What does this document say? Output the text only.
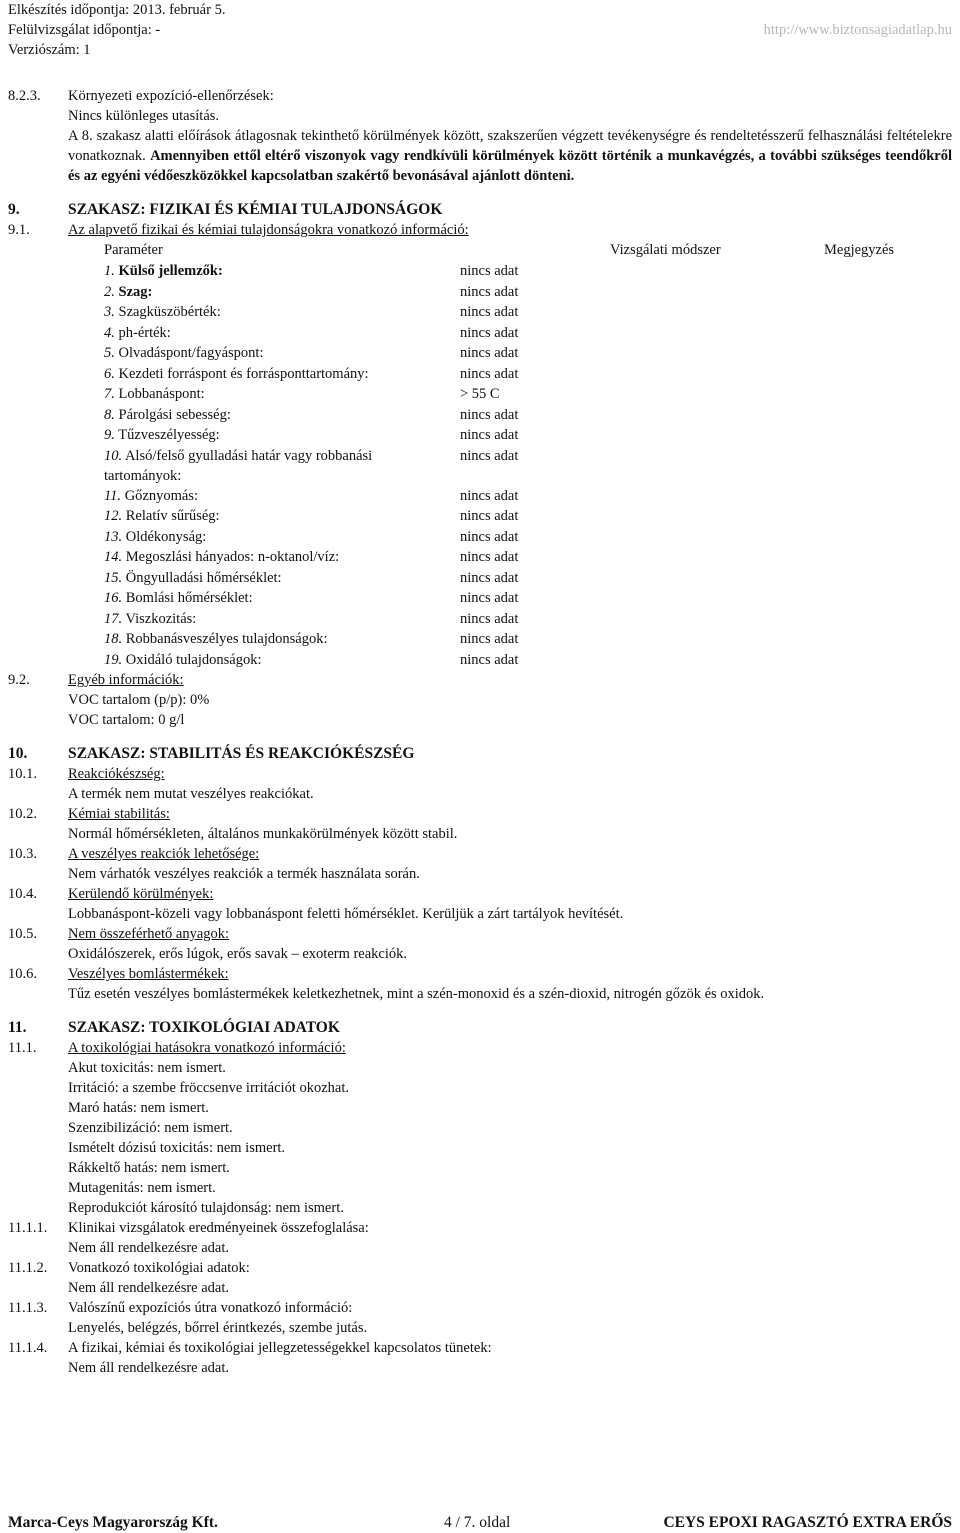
Elkészítés időpontja: 2013. február 5.
Felülvizsgálat időpontja: -
Verziószám: 1
http://www.biztonsagiadatlap.hu
8.2.3. Környezeti expozíció-ellenőrzések:
Nincs különleges utasítás.
A 8. szakasz alatti előírások átlagosnak tekinthető körülmények között, szakszerűen végzett tevékenységre és rendeltetésszerű felhasználási feltételekre vonatkoznak. Amennyiben ettől eltérő viszonyok vagy rendkívüli körülmények között történik a munkavégzés, a további szükséges teendőkről és az egyéni védőeszközökkel kapcsolatban szakértő bevonásával ajánlott dönteni.
9.	SZAKASZ: FIZIKAI ÉS KÉMIAI TULAJDONSÁGOK
9.1.	Az alapvető fizikai és kémiai tulajdonságokra vonatkozó információ:
Paraméter	Vizsgálati módszer	Megjegyzés
1. Külső jellemzők:	nincs adat
2. Szag:	nincs adat
3. Szagküszöbérték:	nincs adat
4. ph-érték:	nincs adat
5. Olvadáspont/fagyáspont:	nincs adat
6. Kezdeti forráspont és forrásponttartomány:	nincs adat
7. Lobbanáspont:	> 55 C
8. Párolgási sebesség:	nincs adat
9. Tűzveszélyesség:	nincs adat
10. Alsó/felső gyulladási határ vagy robbanási
tartományok:
nincs adat
11. Gőznyomás:	nincs adat
12. Relatív sűrűség:	nincs adat
13. Oldékonyság:	nincs adat
14. Megoszlási hányados: n-oktanol/víz:	nincs adat
15. Öngyulladási hőmérséklet:	nincs adat
16. Bomlási hőmérséklet:	nincs adat
17. Viszkozitás:	nincs adat
18. Robbanásveszélyes tulajdonságok:	nincs adat
19. Oxidáló tulajdonságok:	nincs adat
9.2.	Egyéb információk:
VOC tartalom (p/p): 0%
VOC tartalom: 0 g/l
10.	SZAKASZ: STABILITÁS ÉS REAKCIÓKÉSZSÉG
10.1. Reakciókészség:
A termék nem mutat veszélyes reakciókat.
10.2. Kémiai stabilitás:
Normál hőmérsékleten, általános munkakörülmények között stabil.
10.3. A veszélyes reakciók lehetősége:
Nem várhatók veszélyes reakciók a termék használata során.
10.4. Kerülendő körülmények:
Lobbanáspont-közeli vagy lobbanáspont feletti hőmérséklet. Kerüljük a zárt tartályok hevítését.
10.5. Nem összeférhető anyagok:
Oxidálószerek, erős lúgok, erős savak – exoterm reakciók.
10.6. Veszélyes bomlástermékek:
Tűz esetén veszélyes bomlástermékek keletkezhetnek, mint a szén-monoxid és a szén-dioxid, nitrogén gőzök és oxidok.
11.	SZAKASZ: TOXIKOLÓGIAI ADATOK
11.1. A toxikológiai hatásokra vonatkozó információ:
Akut toxicitás: nem ismert.
Irritáció: a szembe fröccsenve irritációt okozhat.
Maró hatás: nem ismert.
Szenzibilizáció: nem ismert.
Ismételt dózisú toxicitás: nem ismert.
Rákkeltő hatás: nem ismert.
Mutagenitás: nem ismert.
Reprodukciót károsító tulajdonság: nem ismert.
11.1.1. Klinikai vizsgálatok eredményeinek összefoglalása:
Nem áll rendelkezésre adat.
11.1.2. Vonatkozó toxikológiai adatok:
Nem áll rendelkezésre adat.
11.1.3. Valószínű expozíciós útra vonatkozó információ:
Lenyelés, belégzés, bőrrel érintkezés, szembe jutás.
11.1.4. A fizikai, kémiai és toxikológiai jellegzetességekkel kapcsolatos tünetek:
Nem áll rendelkezésre adat.
Marca-Ceys Magyarország Kft.	4 / 7. oldal	CEYS EPOXI RAGASZTÓ EXTRA ERŐS
